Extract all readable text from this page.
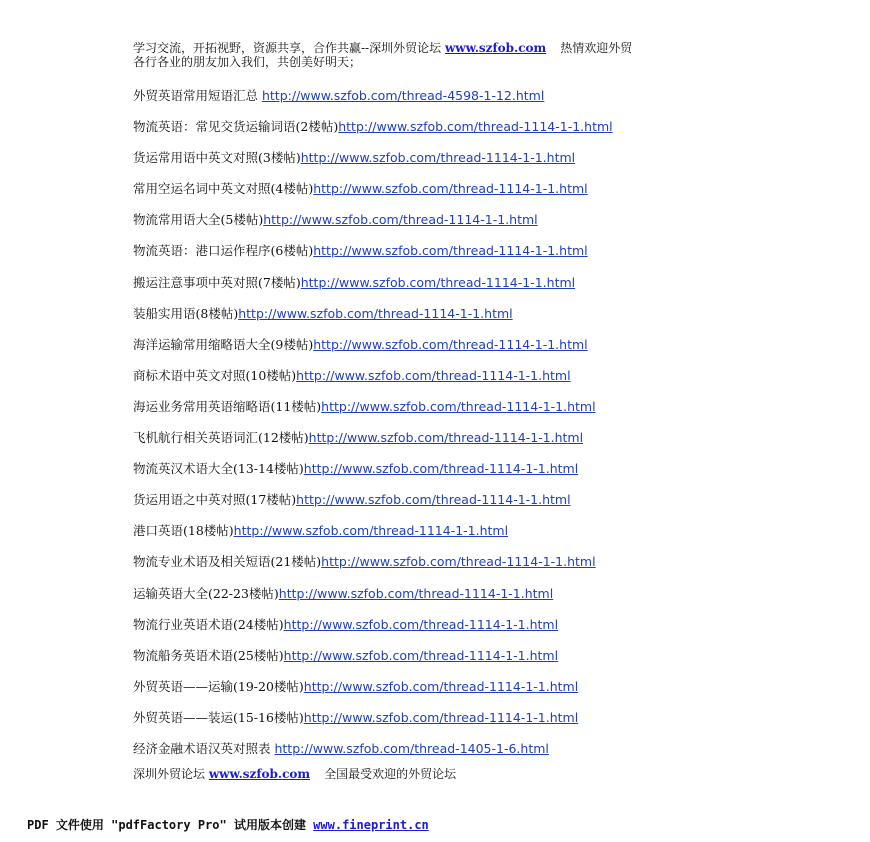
学习交流，开拓视野，资源共享，合作共赢--深圳外贸论坛 www.szfob.com 热情欢迎外贸
各行各业的朋友加入我们，共创美好明天；
外贸英语常用短语汇总 http://www.szfob.com/thread-4598-1-12.html
物流英语：常见交货运输词语(2楼帖)http://www.szfob.com/thread-1114-1-1.html
货运常用语中英文对照(3楼帖)http://www.szfob.com/thread-1114-1-1.html
常用空运名词中英文对照(4楼帖)http://www.szfob.com/thread-1114-1-1.html
物流常用语大全(5楼帖)http://www.szfob.com/thread-1114-1-1.html
物流英语：港口运作程序(6楼帖)http://www.szfob.com/thread-1114-1-1.html
搬运注意事项中英对照(7楼帖)http://www.szfob.com/thread-1114-1-1.html
装船实用语(8楼帖)http://www.szfob.com/thread-1114-1-1.html
海洋运输常用缩略语大全(9楼帖)http://www.szfob.com/thread-1114-1-1.html
商标术语中英文对照(10楼帖)http://www.szfob.com/thread-1114-1-1.html
海运业务常用英语缩略语(11楼帖)http://www.szfob.com/thread-1114-1-1.html
飞机航行相关英语词汇(12楼帖)http://www.szfob.com/thread-1114-1-1.html
物流英汉术语大全(13-14楼帖)http://www.szfob.com/thread-1114-1-1.html
货运用语之中英对照(17楼帖)http://www.szfob.com/thread-1114-1-1.html
港口英语(18楼帖)http://www.szfob.com/thread-1114-1-1.html
物流专业术语及相关短语(21楼帖)http://www.szfob.com/thread-1114-1-1.html
运输英语大全(22-23楼帖)http://www.szfob.com/thread-1114-1-1.html
物流行业英语术语(24楼帖)http://www.szfob.com/thread-1114-1-1.html
物流船务英语术语(25楼帖)http://www.szfob.com/thread-1114-1-1.html
外贸英语——运输(19-20楼帖)http://www.szfob.com/thread-1114-1-1.html
外贸英语——装运(15-16楼帖)http://www.szfob.com/thread-1114-1-1.html
经济金融术语汉英对照表 http://www.szfob.com/thread-1405-1-6.html
深圳外贸论坛 www.szfob.com 全国最受欢迎的外贸论坛
PDF 文件使用 "pdfFactory Pro" 试用版本创建 www.fineprint.cn
